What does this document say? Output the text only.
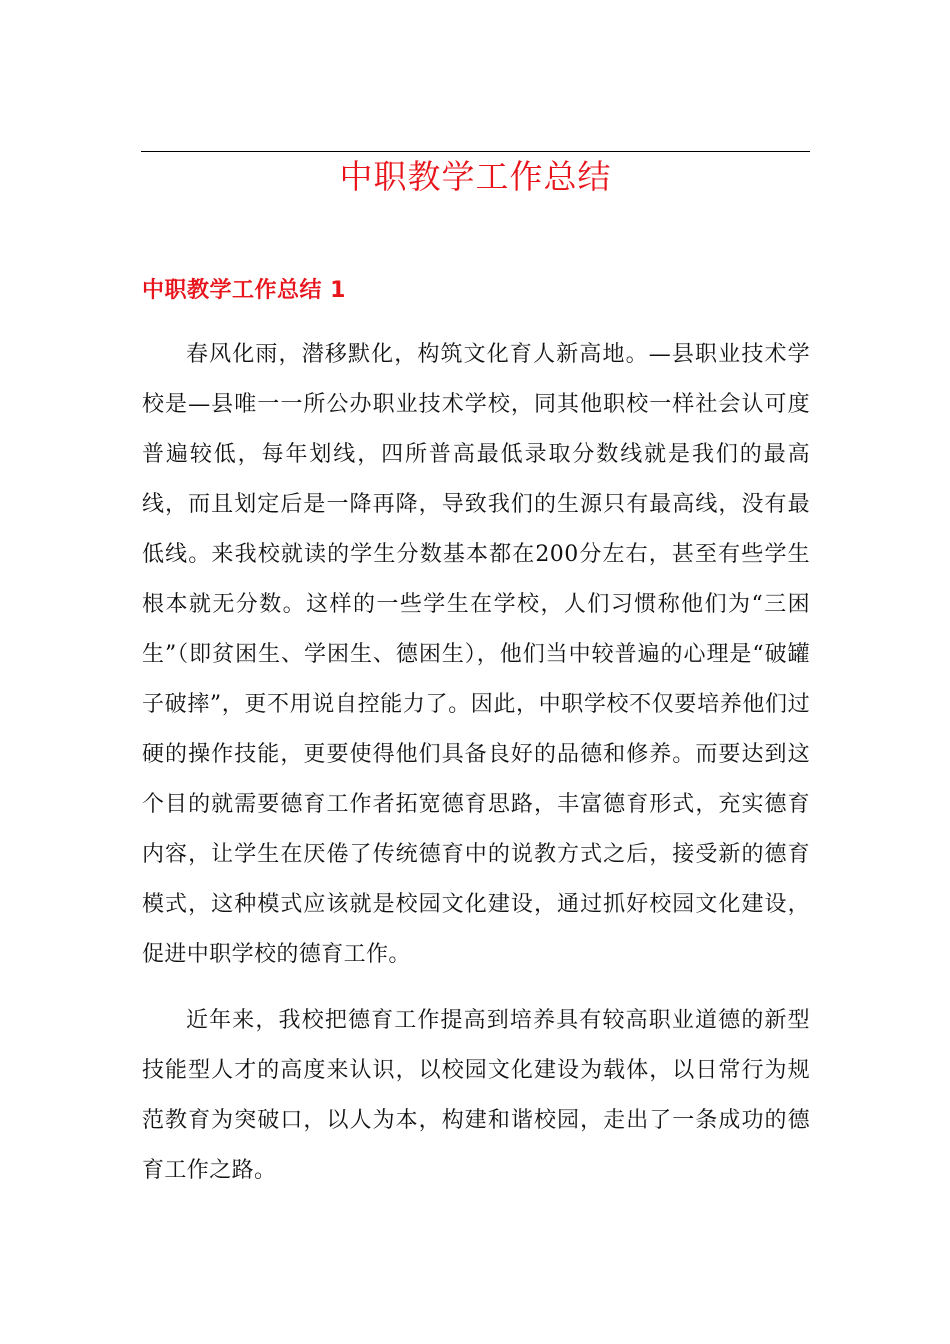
中职教学工作总结
中职教学工作总结 1

春风化雨，潜移默化，构筑文化育人新高地。—县职业技术学校是—县唯一一所公办职业技术学校，同其他职校一样社会认可度普遍较低，每年划线，四所普高最低录取分数线就是我们的最高线，而且划定后是一降再降，导致我们的生源只有最高线，没有最低线。来我校就读的学生分数基本都在200分左右，甚至有些学生根本就无分数。这样的一些学生在学校，人们习惯称他们为“三困生”（即贫困生、学困生、德困生），他们当中较普遍的心理是“破罐子破摔”，更不用说自控能力了。因此，中职学校不仅要培养他们过硬的操作技能，更要使得他们具备良好的品德和修养。而要达到这个目的就需要德育工作者拓宽德育思路，丰富德育形式，充实德育内容，让学生在厌倦了传统德育中的说教方式之后，接受新的德育模式，这种模式应该就是校园文化建设，通过抓好校园文化建设，促进中职学校的德育工作。

近年来，我校把德育工作提高到培养具有较高职业道德的新型技能型人才的高度来认识，以校园文化建设为载体，以日常行为规范教育为突破口，以人为本，构建和谐校园，走出了一条成功的德育工作之路。
